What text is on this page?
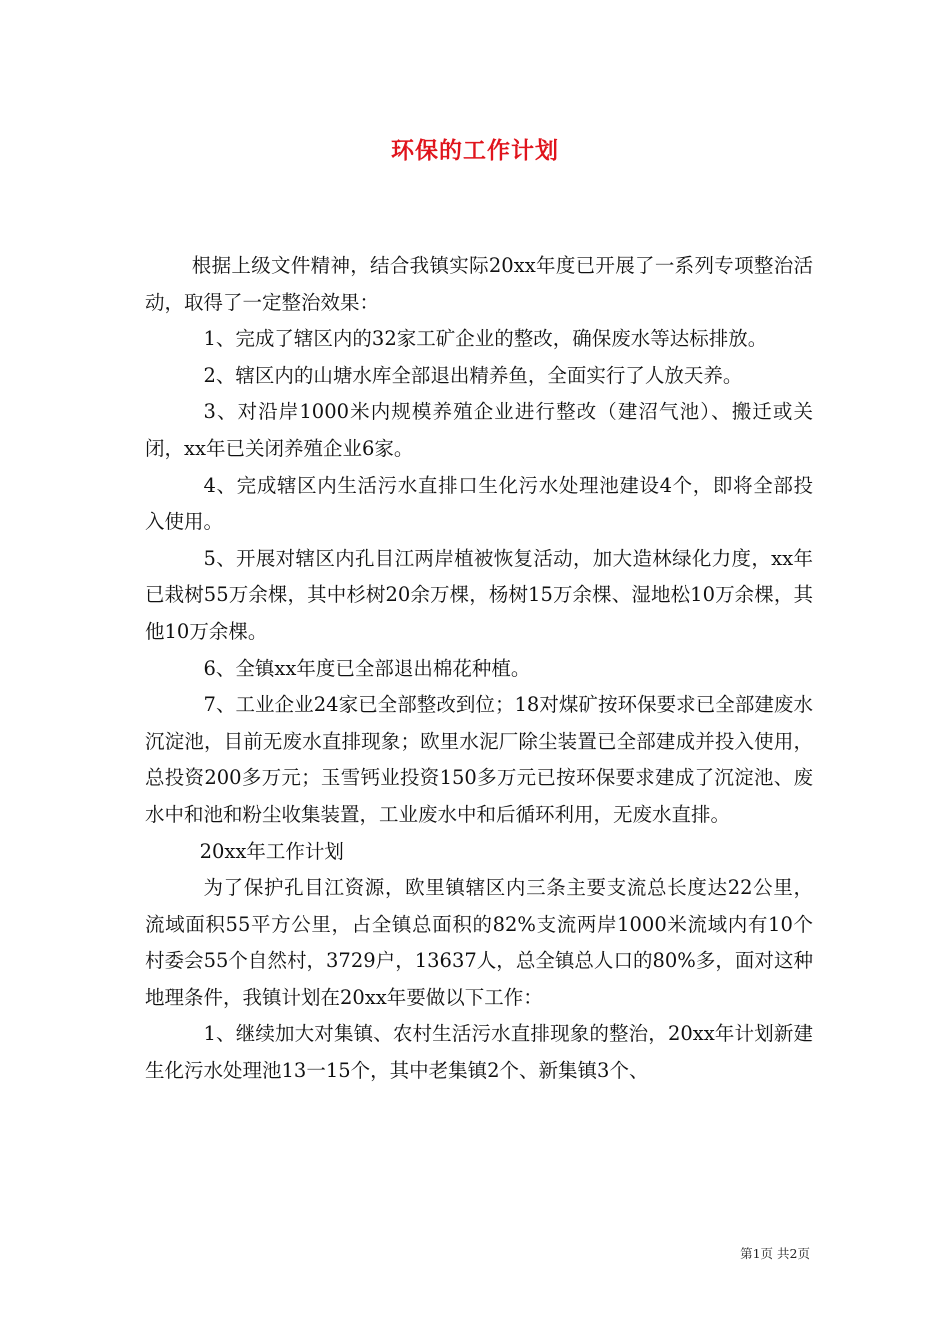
环保的工作计划

根据上级文件精神，结合我镇实际20xx年度已开展了一系列专项整治活动，取得了一定整治效果：

1、完成了辖区内的32家工矿企业的整改，确保废水等达标排放。

2、辖区内的山塘水库全部退出精养鱼，全面实行了人放天养。

3、对沿岸1000米内规模养殖企业进行整改（建沼气池）、搬迁或关闭，xx年已关闭养殖企业6家。

4、完成辖区内生活污水直排口生化污水处理池建设4个，即将全部投入使用。

5、开展对辖区内孔目江两岸植被恢复活动，加大造林绿化力度，xx年已栽树55万余棵，其中杉树20余万棵，杨树15万余棵、湿地松10万余棵，其他10万余棵。

6、全镇xx年度已全部退出棉花种植。

7、工业企业24家已全部整改到位；18对煤矿按环保要求已全部建废水沉淀池，目前无废水直排现象；欧里水泥厂除尘装置已全部建成并投入使用，总投资200多万元；玉雪钙业投资150多万元已按环保要求建成了沉淀池、废水中和池和粉尘收集装置，工业废水中和后循环利用，无废水直排。

20xx年工作计划

为了保护孔目江资源，欧里镇辖区内三条主要支流总长度达22公里，流域面积55平方公里，占全镇总面积的82%支流两岸1000米流域内有10个村委会55个自然村，3729户，13637人，总全镇总人口的80%多，面对这种地理条件，我镇计划在20xx年要做以下工作：

1、继续加大对集镇、农村生活污水直排现象的整治，20xx年计划新建生化污水处理池13一15个，其中老集镇2个、新集镇3个、

第1页 共2页
